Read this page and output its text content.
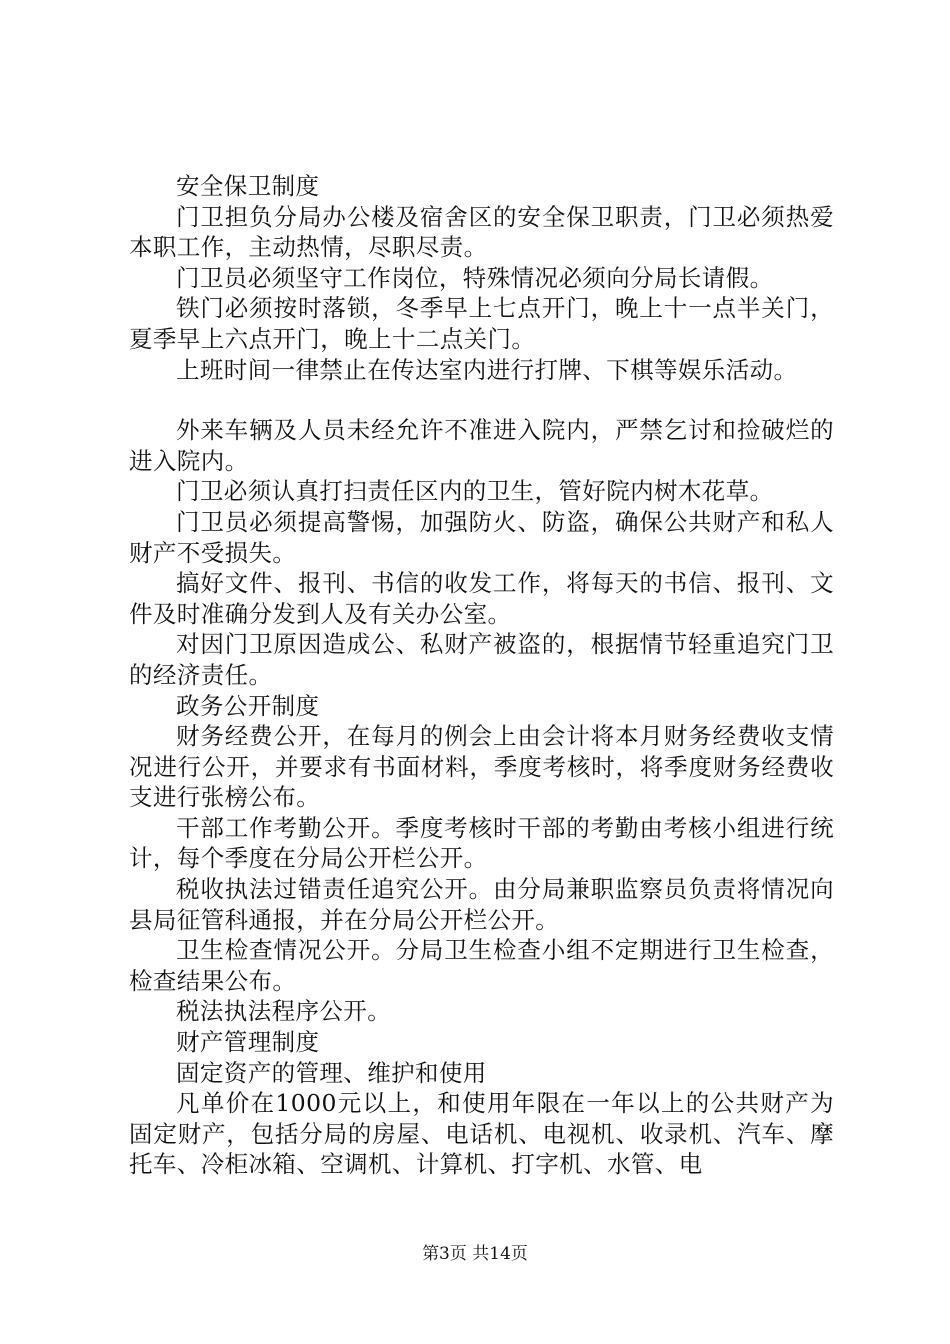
安全保卫制度

门卫担负分局办公楼及宿舍区的安全保卫职责，门卫必须热爱本职工作，主动热情，尽职尽责。

门卫员必须坚守工作岗位，特殊情况必须向分局长请假。

铁门必须按时落锁，冬季早上七点开门，晚上十一点半关门，夏季早上六点开门，晚上十二点关门。

上班时间一律禁止在传达室内进行打牌、下棋等娱乐活动。

外来车辆及人员未经允许不准进入院内，严禁乞讨和捡破烂的进入院内。

门卫必须认真打扫责任区内的卫生，管好院内树木花草。

门卫员必须提高警惕，加强防火、防盗，确保公共财产和私人财产不受损失。

搞好文件、报刊、书信的收发工作，将每天的书信、报刊、文件及时准确分发到人及有关办公室。

对因门卫原因造成公、私财产被盗的，根据情节轻重追究门卫的经济责任。

政务公开制度

财务经费公开，在每月的例会上由会计将本月财务经费收支情况进行公开，并要求有书面材料，季度考核时，将季度财务经费收支进行张榜公布。

干部工作考勤公开。季度考核时干部的考勤由考核小组进行统计，每个季度在分局公开栏公开。

税收执法过错责任追究公开。由分局兼职监察员负责将情况向县局征管科通报，并在分局公开栏公开。

卫生检查情况公开。分局卫生检查小组不定期进行卫生检查，检查结果公布。

税法执法程序公开。

财产管理制度

固定资产的管理、维护和使用

凡单价在1000元以上，和使用年限在一年以上的公共财产为固定财产，包括分局的房屋、电话机、电视机、收录机、汽车、摩托车、冷柜冰箱、空调机、计算机、打字机、水管、电

第3页 共14页
